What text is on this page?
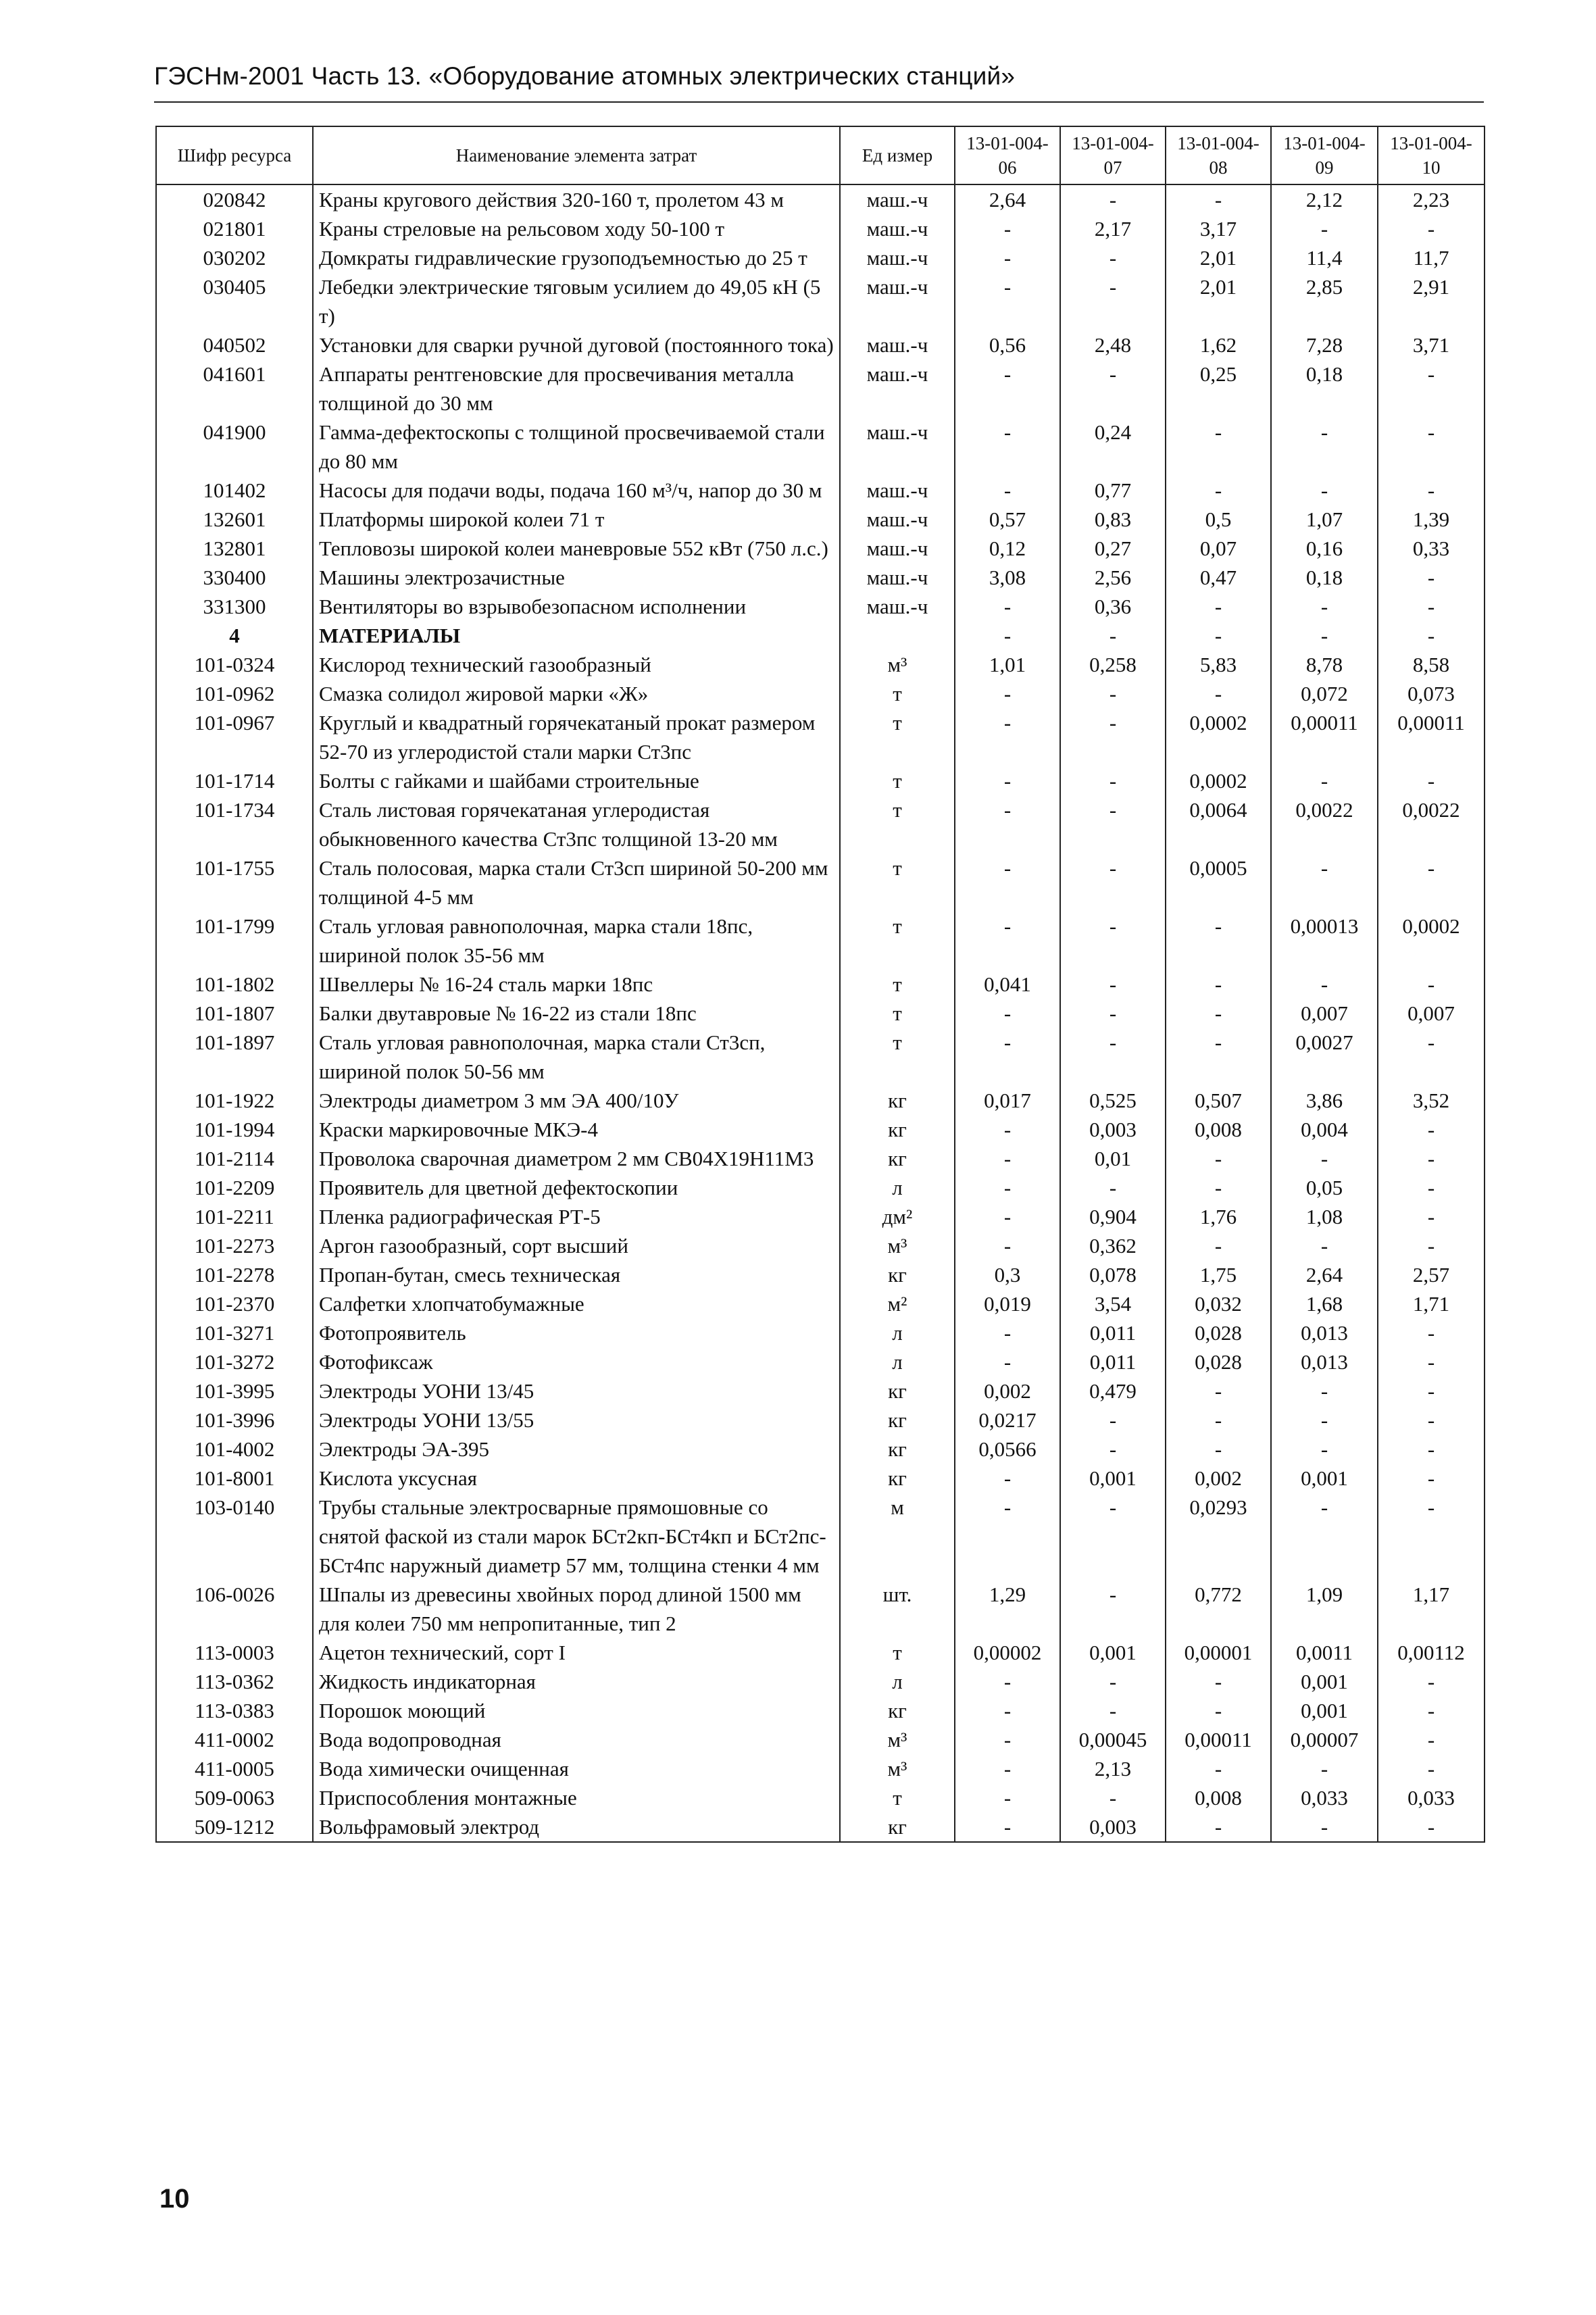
ГЭСНм-2001 Часть 13. «Оборудование атомных электрических станций»
Шифр ресурса	Наименование элемента затрат	Ед измер	13-01-004-06	13-01-004-07	13-01-004-08	13-01-004-09	13-01-004-10
020842	Краны кругового действия 320-160 т, пролетом 43 м	маш.-ч	2,64	-	-	2,12	2,23
021801	Краны стреловые на рельсовом ходу 50-100 т	маш.-ч	-	2,17	3,17	-	-
030202	Домкраты гидравлические грузоподъемностью до 25 т	маш.-ч	-	-	2,01	11,4	11,7
030405	Лебедки электрические тяговым усилием до 49,05 кН (5 т)	маш.-ч	-	-	2,01	2,85	2,91
040502	Установки для сварки ручной дуговой (постоянного тока)	маш.-ч	0,56	2,48	1,62	7,28	3,71
041601	Аппараты рентгеновские для просвечивания металла толщиной до 30 мм	маш.-ч	-	-	0,25	0,18	-
041900	Гамма-дефектоскопы с толщиной просвечиваемой стали до 80 мм	маш.-ч	-	0,24	-	-	-
101402	Насосы для подачи воды, подача 160 м³/ч, напор до 30 м	маш.-ч	-	0,77	-	-	-
132601	Платформы широкой колеи 71 т	маш.-ч	0,57	0,83	0,5	1,07	1,39
132801	Тепловозы широкой колеи маневровые 552 кВт (750 л.с.)	маш.-ч	0,12	0,27	0,07	0,16	0,33
330400	Машины электрозачистные	маш.-ч	3,08	2,56	0,47	0,18	-
331300	Вентиляторы во взрывобезопасном исполнении	маш.-ч	-	0,36	-	-	-
4	МАТЕРИАЛЫ		-	-	-	-	-
101-0324	Кислород технический газообразный	м³	1,01	0,258	5,83	8,78	8,58
101-0962	Смазка солидол жировой марки «Ж»	т	-	-	-	0,072	0,073
101-0967	Круглый и квадратный горячекатаный прокат размером 52-70 из углеродистой стали марки Ст3пс	т	-	-	0,0002	0,00011	0,00011
101-1714	Болты с гайками и шайбами строительные	т	-	-	0,0002	-	-
101-1734	Сталь листовая горячекатаная углеродистая обыкновенного качества Ст3пс толщиной 13-20 мм	т	-	-	0,0064	0,0022	0,0022
101-1755	Сталь полосовая, марка стали Ст3сп шириной 50-200 мм толщиной 4-5 мм	т	-	-	0,0005	-	-
101-1799	Сталь угловая равнополочная, марка стали 18пс, шириной полок 35-56 мм	т	-	-	-	0,00013	0,0002
101-1802	Швеллеры № 16-24 сталь марки 18пс	т	0,041	-	-	-	-
101-1807	Балки двутавровые № 16-22 из стали 18пс	т	-	-	-	0,007	0,007
101-1897	Сталь угловая равнополочная, марка стали Ст3сп, шириной полок 50-56 мм	т	-	-	-	0,0027	-
101-1922	Электроды диаметром 3 мм ЭА 400/10У	кг	0,017	0,525	0,507	3,86	3,52
101-1994	Краски маркировочные МКЭ-4	кг	-	0,003	0,008	0,004	-
101-2114	Проволока сварочная диаметром 2 мм СВ04Х19Н11М3	кг	-	0,01	-	-	-
101-2209	Проявитель для цветной дефектоскопии	л	-	-	-	0,05	-
101-2211	Пленка радиографическая РТ-5	дм²	-	0,904	1,76	1,08	-
101-2273	Аргон газообразный, сорт высший	м³	-	0,362	-	-	-
101-2278	Пропан-бутан, смесь техническая	кг	0,3	0,078	1,75	2,64	2,57
101-2370	Салфетки хлопчатобумажные	м²	0,019	3,54	0,032	1,68	1,71
101-3271	Фотопроявитель	л	-	0,011	0,028	0,013	-
101-3272	Фотофиксаж	л	-	0,011	0,028	0,013	-
101-3995	Электроды УОНИ 13/45	кг	0,002	0,479	-	-	-
101-3996	Электроды УОНИ 13/55	кг	0,0217	-	-	-	-
101-4002	Электроды ЭА-395	кг	0,0566	-	-	-	-
101-8001	Кислота уксусная	кг	-	0,001	0,002	0,001	-
103-0140	Трубы стальные электросварные прямошовные со снятой фаской из стали марок БСт2кп-БСт4кп и БСт2пс-БСт4пс наружный диаметр 57 мм, толщина стенки 4 мм	м	-	-	0,0293	-	-
106-0026	Шпалы из древесины хвойных пород длиной 1500 мм для колеи 750 мм непропитанные, тип 2	шт.	1,29	-	0,772	1,09	1,17
113-0003	Ацетон технический, сорт I	т	0,00002	0,001	0,00001	0,0011	0,00112
113-0362	Жидкость индикаторная	л	-	-	-	0,001	-
113-0383	Порошок моющий	кг	-	-	-	0,001	-
411-0002	Вода водопроводная	м³	-	0,00045	0,00011	0,00007	-
411-0005	Вода химически очищенная	м³	-	2,13	-	-	-
509-0063	Приспособления монтажные	т	-	-	0,008	0,033	0,033
509-1212	Вольфрамовый электрод	кг	-	0,003	-	-	-
10
